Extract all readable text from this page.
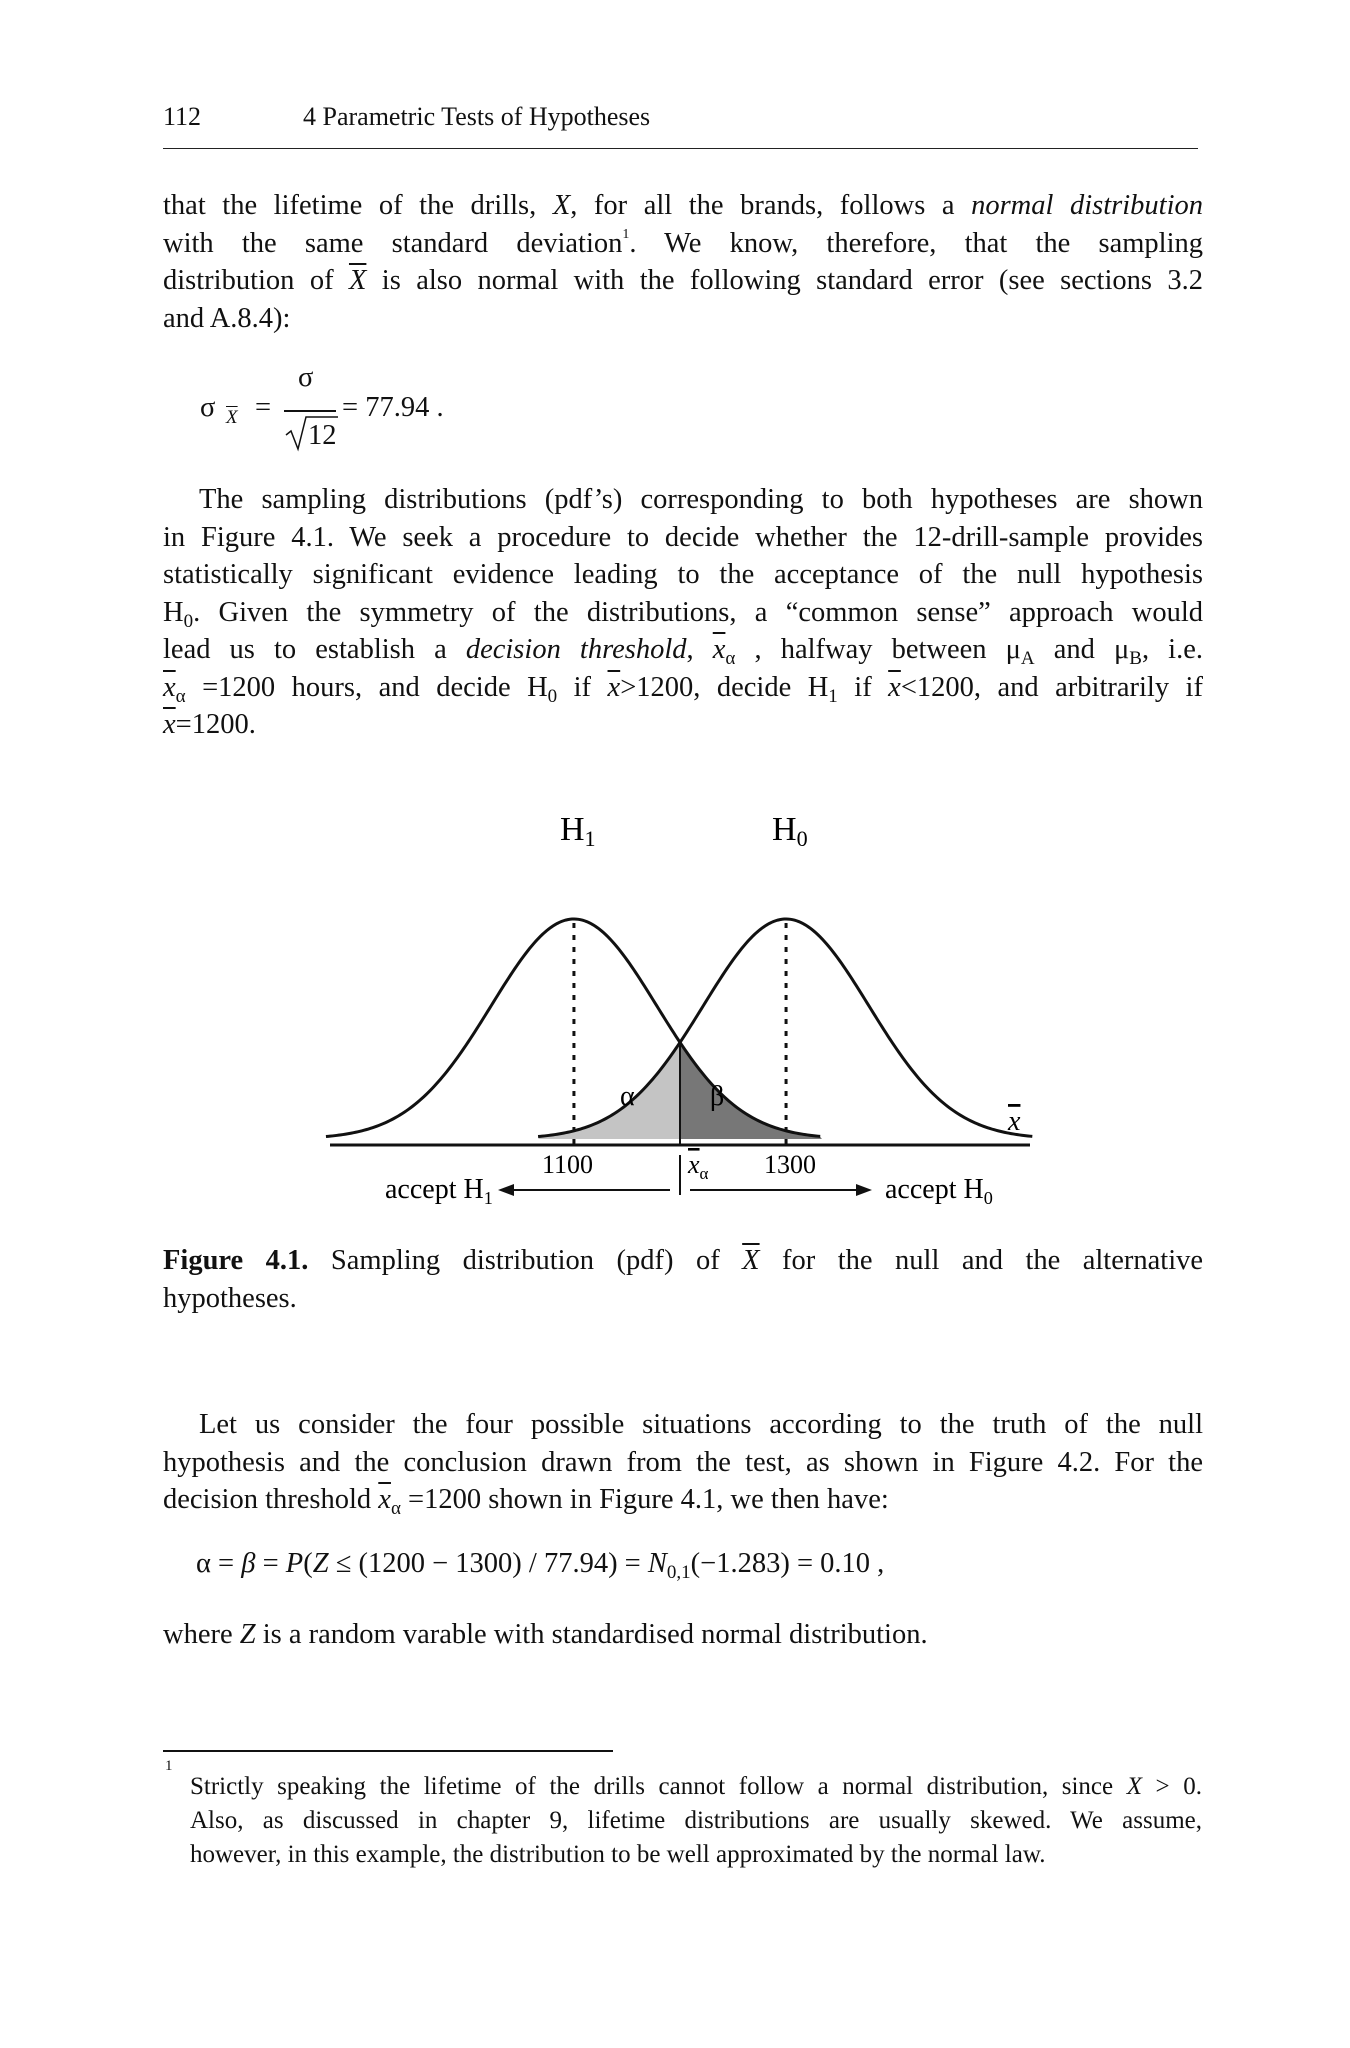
112	4 Parametric Tests of Hypotheses
that the lifetime of the drills, X, for all the brands, follows a normal distribution
with the same standard deviation$^1$. We know, therefore, that the sampling
distribution of $\overline{X}$ is also normal with the following standard error (see sections 3.2
and A.8.4):
σ $\overline{X}$ =
σ
12
= 77.94 .
The sampling distributions (pdf’s) corresponding to both hypotheses are shown
in Figure 4.1. We seek a procedure to decide whether the 12-drill-sample provides
statistically significant evidence leading to the acceptance of the null hypothesis
$H_0$. Given the symmetry of the distributions, a “common sense” approach would
lead us to establish a decision threshold, $\overline{x}_\alpha$ , halfway between $\mu_A$ and $\mu_B$, i.e.
$\overline{x}_\alpha =1200$ hours, and decide $H_0$ if $\overline{x}>1200$, decide $H_1$ if $\overline{x}<1200$, and arbitrarily if
$\overline{x}=1200$.
H1	H0
α	β
x
1100	1300
$x_\alpha$
accept $H_1$	accept $H_0$
Figure 4.1. Sampling distribution (pdf) of $\overline{X}$ for the null and the alternative
hypotheses.
Let us consider the four possible situations according to the truth of the null
hypothesis and the conclusion drawn from the test, as shown in Figure 4.2. For the
decision threshold $\overline{x}_\alpha =1200$ shown in Figure 4.1, we then have:
$\alpha = \beta = P(Z \le (1200 - 1300) / 77.94) = N_{0,1}(-1.283) = 0.10$ ,
where Z is a random varable with standardised normal distribution.
1
Strictly speaking the lifetime of the drills cannot follow a normal distribution, since X > 0.
Also, as discussed in chapter 9, lifetime distributions are usually skewed. We assume,
however, in this example, the distribution to be well approximated by the normal law.
